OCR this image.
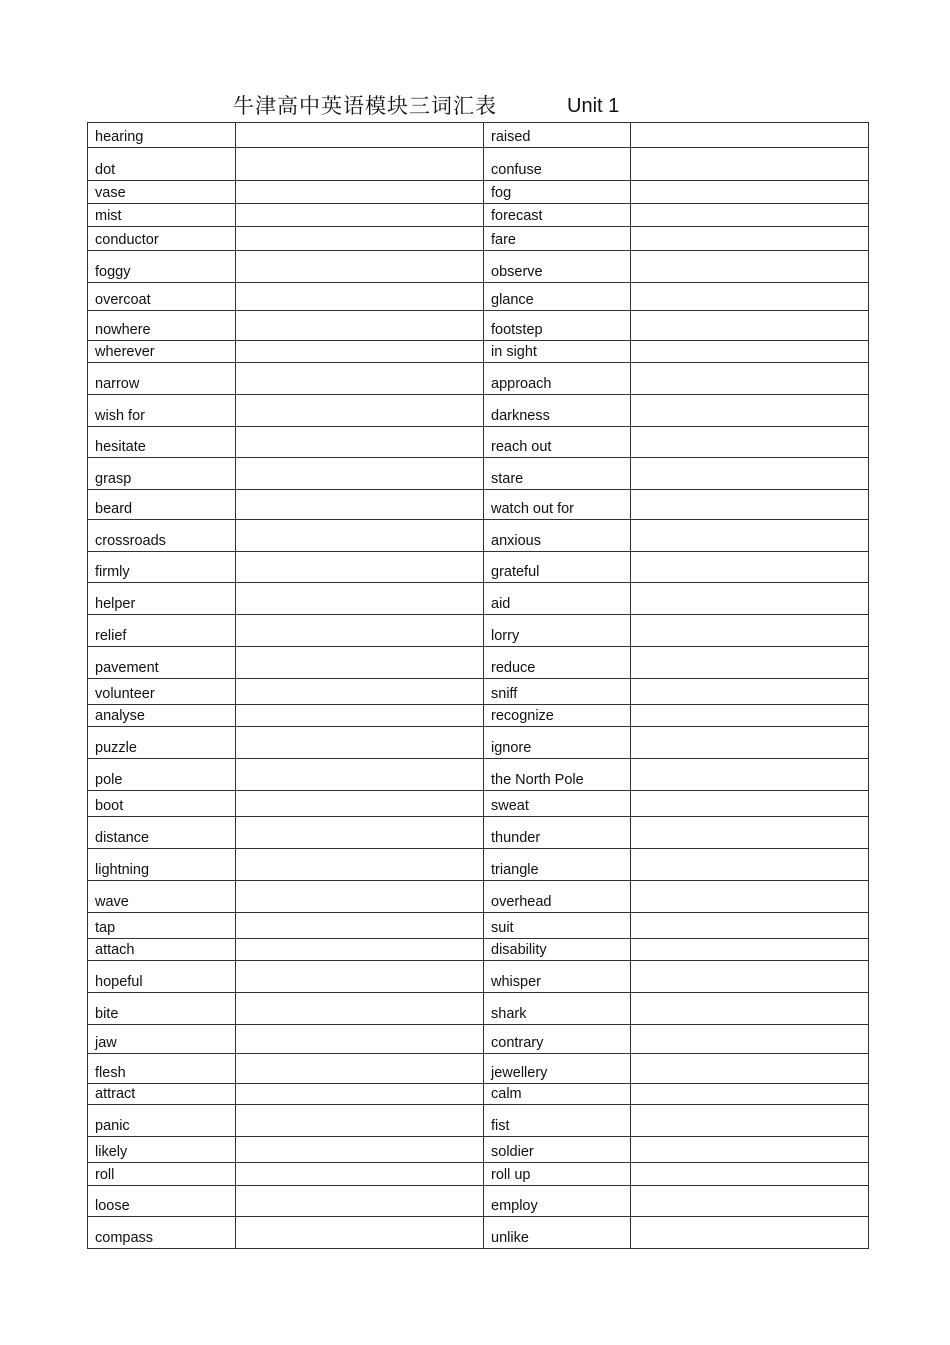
牛津高中英语模块三词汇表	Unit 1
hearing		raised	
dot		confuse	
vase		fog	
mist		forecast	
conductor		fare	
foggy		observe	
overcoat		glance	
nowhere		footstep	
wherever		in sight	
narrow		approach	
wish for		darkness	
hesitate		reach out	
grasp		stare	
beard		watch out for	
crossroads		anxious	
firmly		grateful	
helper		aid	
relief		lorry	
pavement		reduce	
volunteer		sniff	
analyse		recognize	
puzzle		ignore	
pole		the North Pole	
boot		sweat	
distance		thunder	
lightning		triangle	
wave		overhead	
tap		suit	
attach		disability	
hopeful		whisper	
bite		shark	
jaw		contrary	
flesh		jewellery	
attract		calm	
panic		fist	
likely		soldier	
roll		roll up	
loose		employ	
compass		unlike	
